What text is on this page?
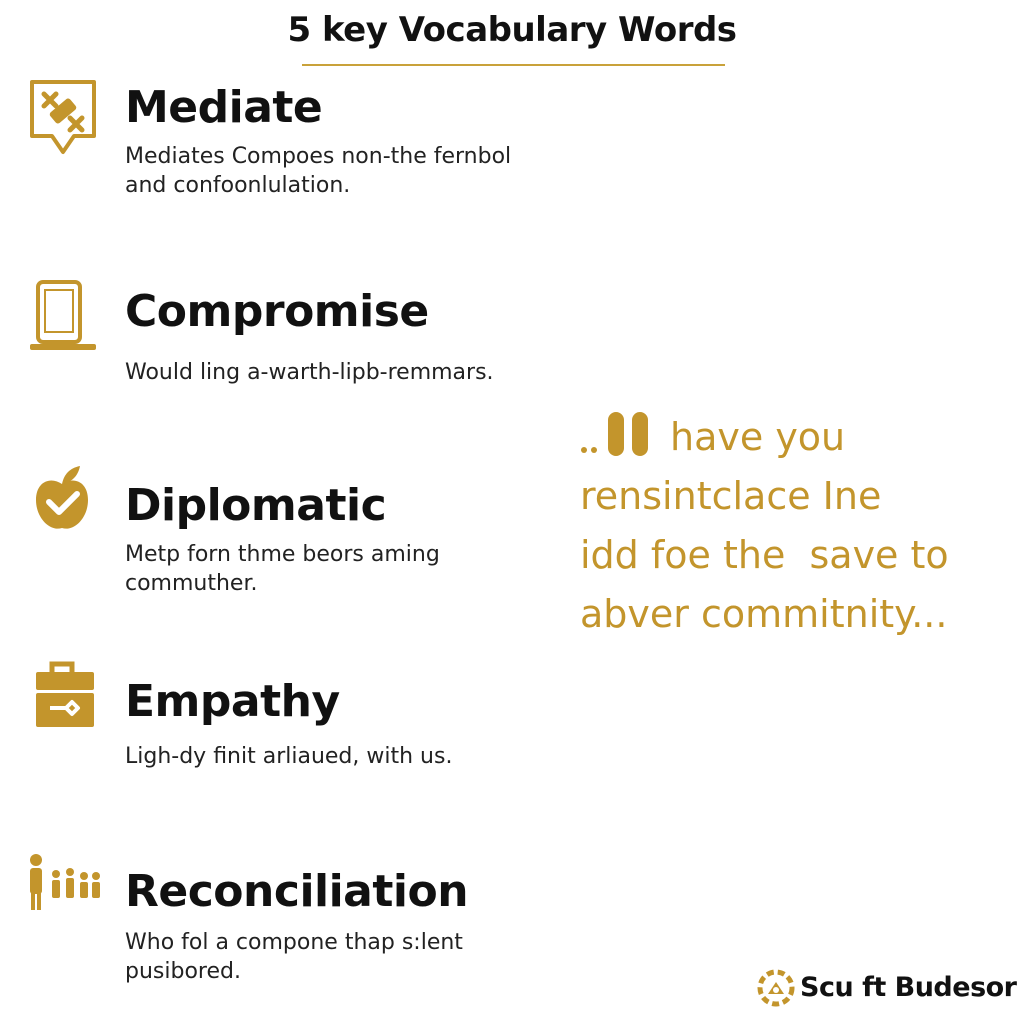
5 key Vocabulary Words
Mediate
Mediates Compoes non-the fernbol and confoonlulation.
Compromise
Would ling a-warth-lipb-remmars.
Diplomatic
Metp forn thme beors aming commuther.
Empathy
Ligh-dy finit arliaued, with us.
Reconciliation
Who fol a compone thap s:lent pusibored.
have you
rensintclace Ine
idd foe the  save to
abver commitnity...
Scu ft Budesor
